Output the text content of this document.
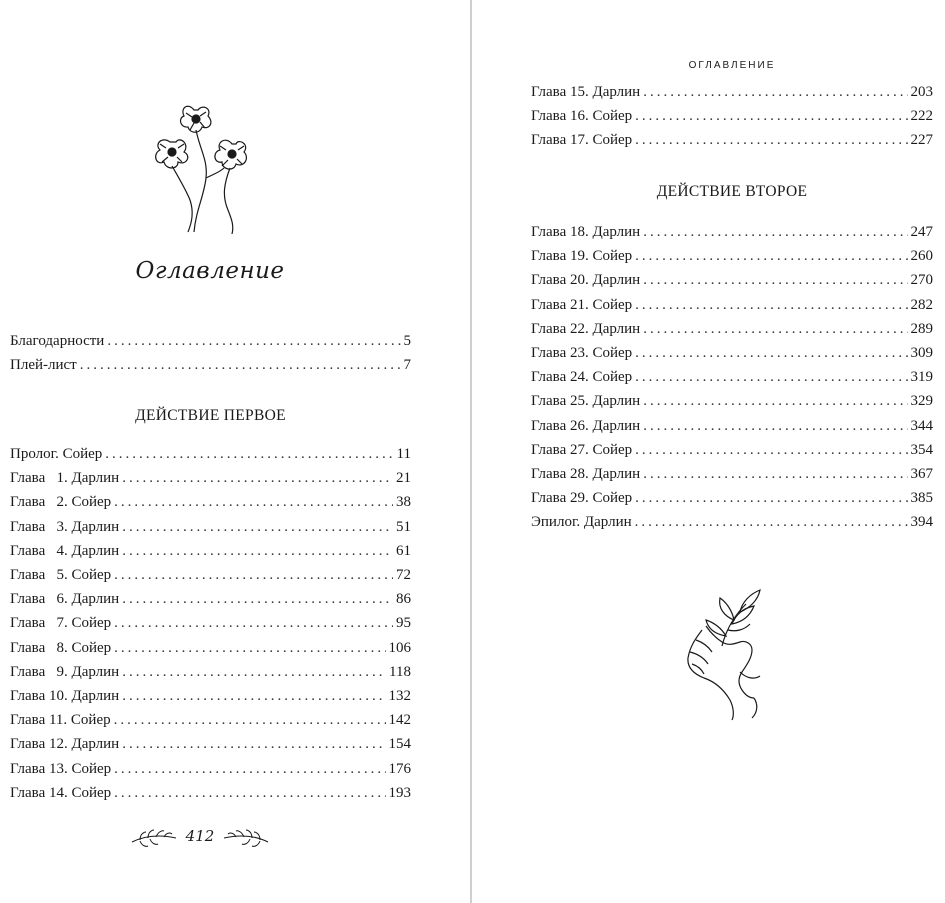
Оглавление
Благодарности .....	5
Плей-лист .....	7
ДЕЙСТВИЕ ПЕРВОЕ
Пролог. Сойер .....	11
Глава   1. Дарлин .....	21
Глава   2. Сойер .....	38
Глава   3. Дарлин .....	51
Глава   4. Дарлин .....	61
Глава   5. Сойер .....	72
Глава   6. Дарлин .....	86
Глава   7. Сойер .....	95
Глава   8. Сойер .....	106
Глава   9. Дарлин .....	118
Глава 10. Дарлин .....	132
Глава 11. Сойер .....	142
Глава 12. Дарлин .....	154
Глава 13. Сойер .....	176
Глава 14. Сойер .....	193
412
ОГЛАВЛЕНИЕ
Глава 15. Дарлин .....	203
Глава 16. Сойер .....	222
Глава 17. Сойер .....	227
ДЕЙСТВИЕ ВТОРОЕ
Глава 18. Дарлин .....	247
Глава 19. Сойер .....	260
Глава 20. Дарлин .....	270
Глава 21. Сойер .....	282
Глава 22. Дарлин .....	289
Глава 23. Сойер .....	309
Глава 24. Сойер .....	319
Глава 25. Дарлин .....	329
Глава 26. Дарлин .....	344
Глава 27. Сойер .....	354
Глава 28. Дарлин .....	367
Глава 29. Сойер .....	385
Эпилог. Дарлин .....	394
